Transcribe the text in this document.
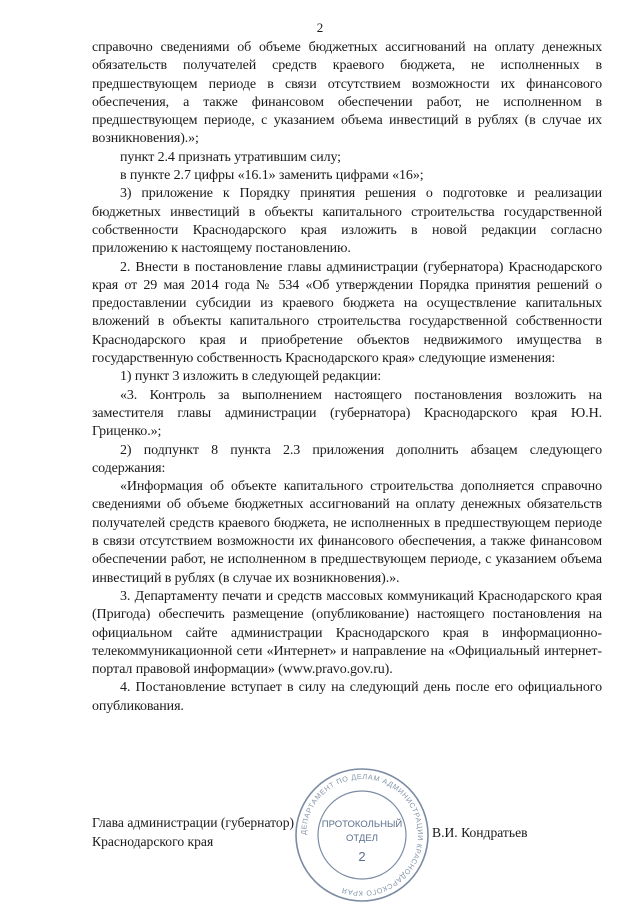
2

справочно сведениями об объеме бюджетных ассигнований на оплату денежных обязательств получателей средств краевого бюджета, не исполненных в предшествующем периоде в связи отсутствием возможности их финансового обеспечения, а также финансовом обеспечении работ, не исполненном в предшествующем периоде, с указанием объема инвестиций в рублях (в случае их возникновения).»;

пункт 2.4 признать утратившим силу;

в пункте 2.7 цифры «16.1» заменить цифрами «16»;

3) приложение к Порядку принятия решения о подготовке и реализации бюджетных инвестиций в объекты капитального строительства государственной собственности Краснодарского края изложить в новой редакции согласно приложению к настоящему постановлению.

2. Внести в постановление главы администрации (губернатора) Краснодарского края от 29 мая 2014 года № 534 «Об утверждении Порядка принятия решений о предоставлении субсидии из краевого бюджета на осуществление капитальных вложений в объекты капитального строительства государственной собственности Краснодарского края и приобретение объектов недвижимого имущества в государственную собственность Краснодарского края» следующие изменения:

1) пункт 3 изложить в следующей редакции:

«3. Контроль за выполнением настоящего постановления возложить на заместителя главы администрации (губернатора) Краснодарского края Ю.Н. Гриценко.»;

2) подпункт 8 пункта 2.3 приложения дополнить абзацем следующего содержания:

«Информация об объекте капитального строительства дополняется справочно сведениями об объеме бюджетных ассигнований на оплату денежных обязательств получателей средств краевого бюджета, не исполненных в предшествующем периоде в связи отсутствием возможности их финансового обеспечения, а также финансовом обеспечении работ, не исполненном в предшествующем периоде, с указанием объема инвестиций в рублях (в случае их возникновения).».

3. Департаменту печати и средств массовых коммуникаций Краснодарского края (Пригода) обеспечить размещение (опубликование) настоящего постановления на официальном сайте администрации Краснодарского края в информационно-телекоммуникационной сети «Интернет» и направление на «Официальный интернет-портал правовой информации» (www.pravo.gov.ru).

4. Постановление вступает в силу на следующий день после его официального опубликования.

Глава администрации (губернатор)
Краснодарского края
В.И. Кондратьев
ДЕПАРТАМЕНТ ПО ДЕЛАМ АДМИНИСТРАЦИИ КРАСНОДАРСКОГО КРАЯ
ПРОТОКОЛЬНЫЙ
ОТДЕЛ
2
